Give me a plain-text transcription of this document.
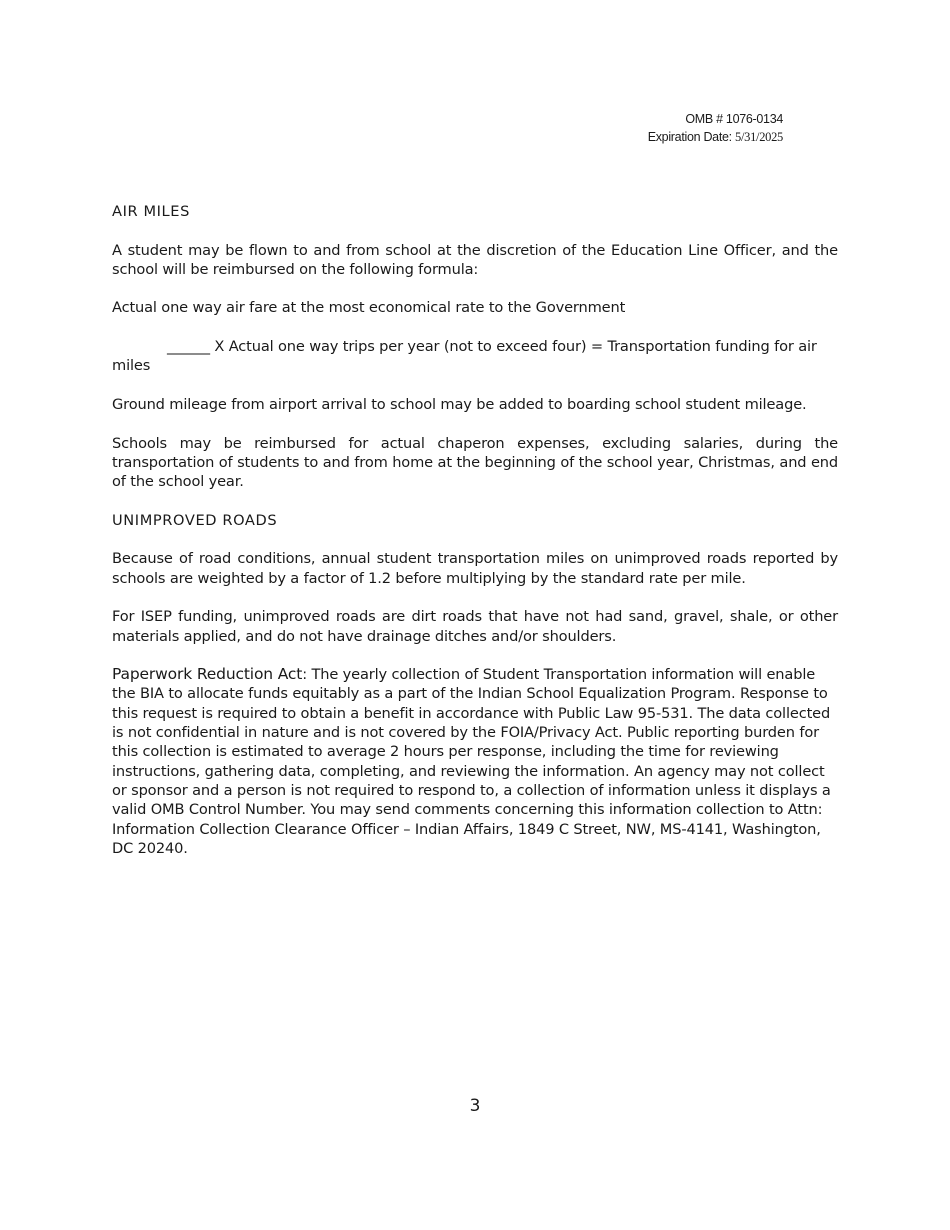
OMB # 1076-0134
Expiration Date: 5/31/2025

AIR MILES

A student may be flown to and from school at the discretion of the Education Line Officer, and the school will be reimbursed on the following formula:

Actual one way air fare at the most economical rate to the Government

______ X Actual one way trips per year (not to exceed four) = Transportation funding for air miles

Ground mileage from airport arrival to school may be added to boarding school student mileage.

Schools may be reimbursed for actual chaperon expenses, excluding salaries, during the transportation of students to and from home at the beginning of the school year, Christmas, and end of the school year.

UNIMPROVED ROADS

Because of road conditions, annual student transportation miles on unimproved roads reported by schools are weighted by a factor of 1.2 before multiplying by the standard rate per mile.

For ISEP funding, unimproved roads are dirt roads that have not had sand, gravel, shale, or other materials applied, and do not have drainage ditches and/or shoulders.

Paperwork Reduction Act: The yearly collection of Student Transportation information will enable the BIA to allocate funds equitably as a part of the Indian School Equalization Program. Response to this request is required to obtain a benefit in accordance with Public Law 95-531. The data collected is not confidential in nature and is not covered by the FOIA/Privacy Act. Public reporting burden for this collection is estimated to average 2 hours per response, including the time for reviewing instructions, gathering data, completing, and reviewing the information. An agency may not collect or sponsor and a person is not required to respond to, a collection of information unless it displays a valid OMB Control Number. You may send comments concerning this information collection to Attn: Information Collection Clearance Officer – Indian Affairs, 1849 C Street, NW, MS-4141, Washington, DC 20240.

3
